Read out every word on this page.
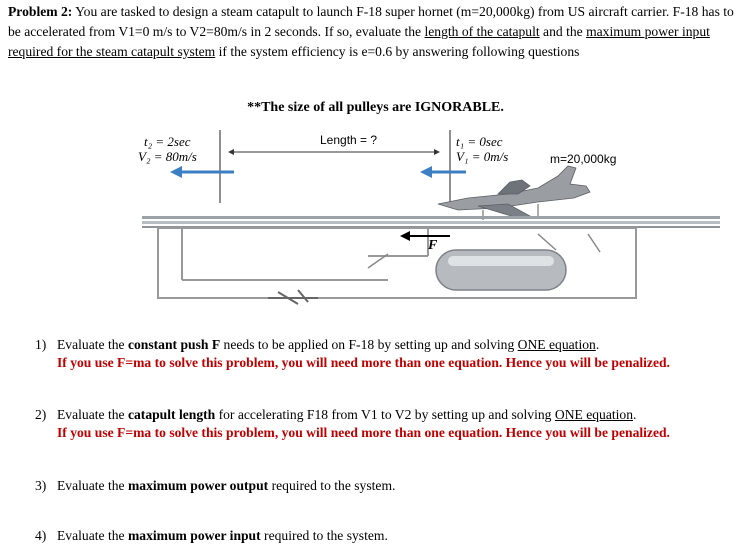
Problem 2: You are tasked to design a steam catapult to launch F-18 super hornet (m=20,000kg) from US aircraft carrier. F-18 has to be accelerated from V1=0 m/s to V2=80m/s in 2 seconds. If so, evaluate the length of the catapult and the maximum power input required for the steam catapult system if the system efficiency is e=0.6 by answering following questions
**The size of all pulleys are IGNORABLE.
t₂ = 2sec
V₂ = 80m/s
Length = ?	t₁ = 0sec
V₁ = 0m/s	m=20,000kg
F
1) Evaluate the constant push F needs to be applied on F-18 by setting up and solving ONE equation.
If you use F=ma to solve this problem, you will need more than one equation. Hence you will be penalized.
2) Evaluate the catapult length for accelerating F18 from V1 to V2 by setting up and solving ONE equation.
If you use F=ma to solve this problem, you will need more than one equation. Hence you will be penalized.
3) Evaluate the maximum power output required to the system.
4) Evaluate the maximum power input required to the system.
